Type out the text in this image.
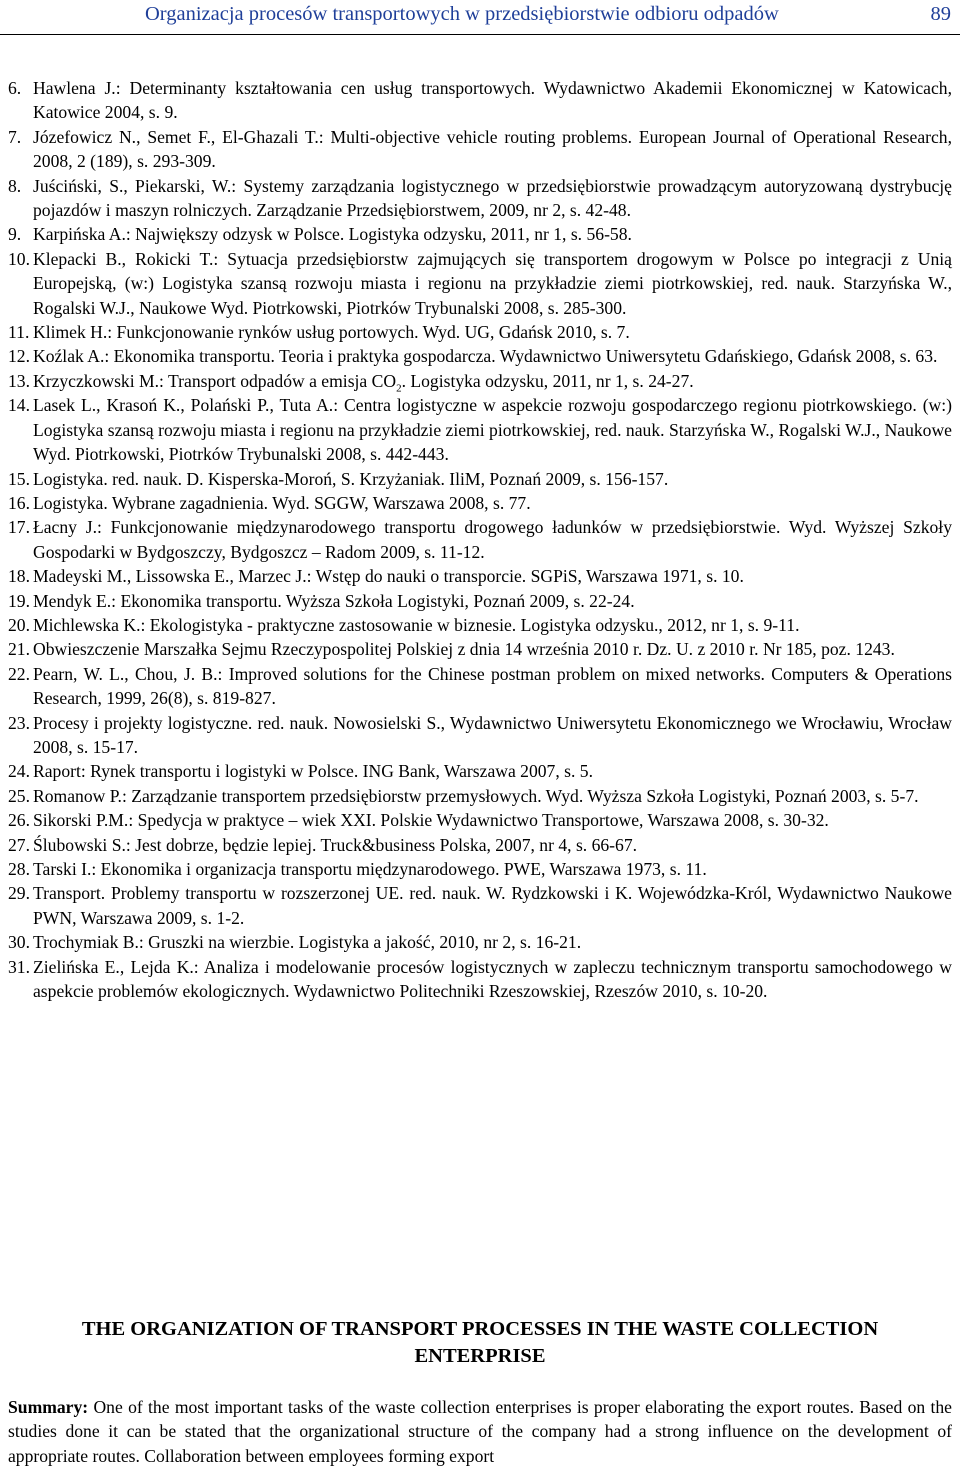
Organizacja procesów transportowych w przedsiębiorstwie odbioru odpadów	89
6. Hawlena J.: Determinanty kształtowania cen usług transportowych. Wydawnictwo Akademii Ekonomicznej w Katowicach, Katowice 2004, s. 9.
7. Józefowicz N., Semet F., El-Ghazali T.: Multi-objective vehicle routing problems. European Journal of Operational Research, 2008, 2 (189), s. 293-309.
8. Juściński, S., Piekarski, W.: Systemy zarządzania logistycznego w przedsiębiorstwie prowadzącym autoryzowaną dystrybucję pojazdów i maszyn rolniczych. Zarządzanie Przedsiębiorstwem, 2009, nr 2, s. 42-48.
9. Karpińska A.: Największy odzysk w Polsce. Logistyka odzysku, 2011, nr 1, s. 56-58.
10. Klepacki B., Rokicki T.: Sytuacja przedsiębiorstw zajmujących się transportem drogowym w Polsce po integracji z Unią Europejską, (w:) Logistyka szansą rozwoju miasta i regionu na przykładzie ziemi piotrkowskiej, red. nauk. Starzyńska W., Rogalski W.J., Naukowe Wyd. Piotrkowski, Piotrków Trybunalski 2008, s. 285-300.
11. Klimek H.: Funkcjonowanie rynków usług portowych. Wyd. UG, Gdańsk 2010, s. 7.
12. Koźlak A.: Ekonomika transportu. Teoria i praktyka gospodarcza. Wydawnictwo Uniwersytetu Gdańskiego, Gdańsk 2008, s. 63.
13. Krzyczkowski M.: Transport odpadów a emisja $CO_2$. Logistyka odzysku, 2011, nr 1, s. 24-27.
14. Lasek L., Krasoń K., Polański P., Tuta A.: Centra logistyczne w aspekcie rozwoju gospodarczego regionu piotrkowskiego. (w:) Logistyka szansą rozwoju miasta i regionu na przykładzie ziemi piotrkowskiej, red. nauk. Starzyńska W., Rogalski W.J., Naukowe Wyd. Piotrkowski, Piotrków Trybunalski 2008, s. 442-443.
15. Logistyka. red. nauk. D. Kisperska-Moroń, S. Krzyżaniak. IliM, Poznań 2009, s. 156-157.
16. Logistyka. Wybrane zagadnienia. Wyd. SGGW, Warszawa 2008, s. 77.
17. Łacny J.: Funkcjonowanie międzynarodowego transportu drogowego ładunków w przedsiębiorstwie. Wyd. Wyższej Szkoły Gospodarki w Bydgoszczy, Bydgoszcz – Radom 2009, s. 11-12.
18. Madeyski M., Lissowska E., Marzec J.: Wstęp do nauki o transporcie. SGPiS, Warszawa 1971, s. 10.
19. Mendyk E.: Ekonomika transportu. Wyższa Szkoła Logistyki, Poznań 2009, s. 22-24.
20. Michlewska K.: Ekologistyka - praktyczne zastosowanie w biznesie. Logistyka odzysku., 2012, nr 1, s. 9-11.
21. Obwieszczenie Marszałka Sejmu Rzeczypospolitej Polskiej z dnia 14 września 2010 r. Dz. U. z 2010 r. Nr 185, poz. 1243.
22. Pearn, W. L., Chou, J. B.: Improved solutions for the Chinese postman problem on mixed networks. Computers & Operations Research, 1999, 26(8), s. 819-827.
23. Procesy i projekty logistyczne. red. nauk. Nowosielski S., Wydawnictwo Uniwersytetu Ekonomicznego we Wrocławiu, Wrocław 2008, s. 15-17.
24. Raport: Rynek transportu i logistyki w Polsce. ING Bank, Warszawa 2007, s. 5.
25. Romanow P.: Zarządzanie transportem przedsiębiorstw przemysłowych. Wyd. Wyższa Szkoła Logistyki, Poznań 2003, s. 5-7.
26. Sikorski P.M.: Spedycja w praktyce – wiek XXI. Polskie Wydawnictwo Transportowe, Warszawa 2008, s. 30-32.
27. Ślubowski S.: Jest dobrze, będzie lepiej. Truck&business Polska, 2007, nr 4, s. 66-67.
28. Tarski I.: Ekonomika i organizacja transportu międzynarodowego. PWE, Warszawa 1973, s. 11.
29. Transport. Problemy transportu w rozszerzonej UE. red. nauk. W. Rydzkowski i K. Wojewódzka-Król, Wydawnictwo Naukowe PWN, Warszawa 2009, s. 1-2.
30. Trochymiak B.: Gruszki na wierzbie. Logistyka a jakość, 2010, nr 2, s. 16-21.
31. Zielińska E., Lejda K.: Analiza i modelowanie procesów logistycznych w zapleczu technicznym transportu samochodowego w aspekcie problemów ekologicznych. Wydawnictwo Politechniki Rzeszowskiej, Rzeszów 2010, s. 10-20.
THE ORGANIZATION OF TRANSPORT PROCESSES IN THE WASTE COLLECTION
ENTERPRISE
Summary: One of the most important tasks of the waste collection enterprises is proper elaborating the export routes. Based on the studies done it can be stated that the organizational structure of the company had a strong influence on the development of appropriate routes. Collaboration between employees forming export
